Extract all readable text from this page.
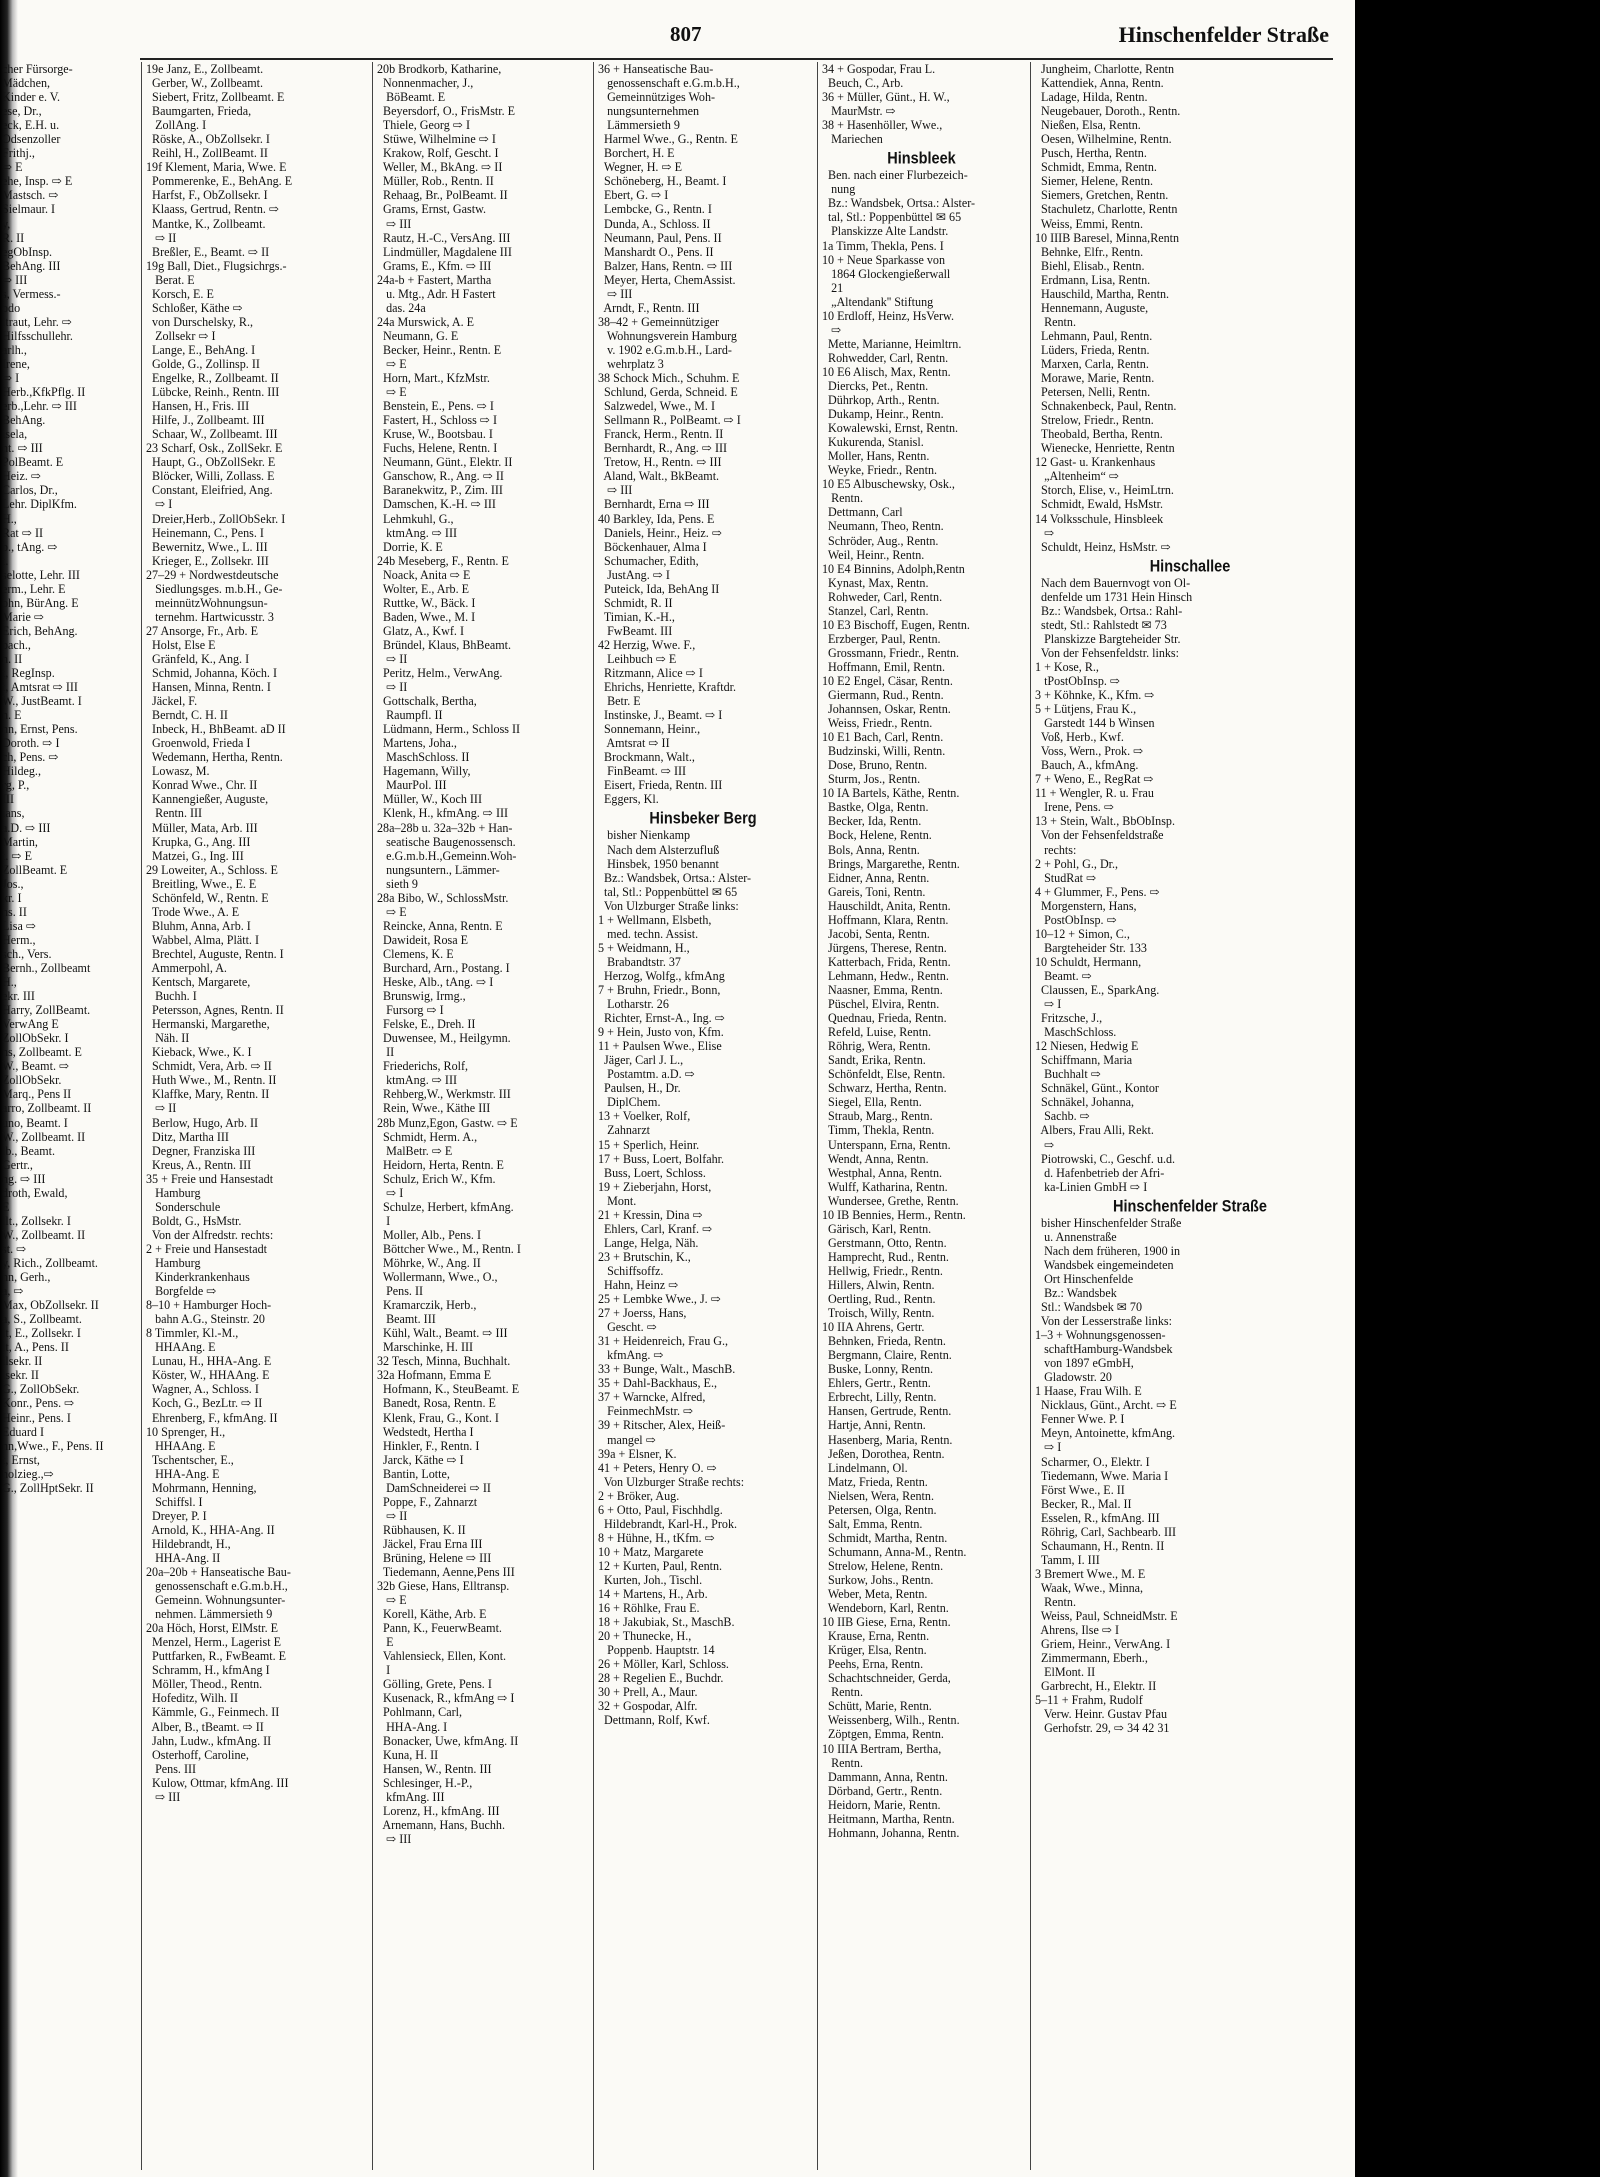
807	Hinschenfelder Straße
cher Fürsorge-
Mädchen,
Kinder e. V.
ese, Dr.,
eck, E.H. u.
Odsenzoller
Frithj.,
⇨ E
ehe, Insp. ⇨ E
Mastsch. ⇨
Sielmaur. I
y,
R. II
egObInsp.
BehAng. III
⇨ III
s, Vermess.-
odo
ltraut, Lehr. ⇨
Hilfsschullehr.
arlh.,
Irene,
⇨ I
Herb.,KfkPflg. II
erb.,Lehr. ⇨ III
BehAng.
isela,
nt. ⇨ III
PolBeamt. E
Heiz. ⇨
Carlos, Dr.,
Lehr. DiplKfm.
H.,
Rat ⇨ II
b., tAng. ⇨
t.
selotte, Lehr. III
erm., Lehr. E
ohn, BürAng. E
Marie ⇨
Erich, BehAng.
bach.,
n. II
t, RegInsp.
t, Amtsrat ⇨ III
W., JustBeamt. I
n. E
nn, Ernst, Pens.
Doroth. ⇨ I
ch, Pens. ⇨
Hildeg.,
rg, P.,
III
ians,
a.D. ⇨ III
Martin,
t. ⇨ E
ZollBeamt. E
Jos.,
kr. I
ns. II
Lisa ⇨
Herm.,
sch., Vers.
Bernh., Zollbeamt
H.,
ekr. III
Harry, ZollBeamt.
VerwAng E
ZollObSekr. I
ns, Zollbeamt. E
W., Beamt. ⇨
ZollObSekr.
Marq., Pens II
arro, Zollbeamt. II
uno, Beamt. I
W., Zollbeamt. II
lb., Beamt.
Gertr.,
ng. ⇨ III
droth, Ewald,
E
llt., Zollsekr. I
W., Zollbeamt. II
st. ⇨
y, Rich., Zollbeamt.
nn, Gerh.,
a, ⇨
Max, ObZollsekr. II
a, S., Zollbeamt.
lt, E., Zollsekr. I
lt, A., Pens. II
ilsekr. II
lsekr. II
G., ZollObSekr.
Konr., Pens. ⇨
Heinr., Pens. I
Eduard I
nn,Wwe., F., Pens. II
t, Ernst,
holzieg.,⇨
G., ZollHptSekr. II
19e Janz, E., Zollbeamt.
Gerber, W., Zollbeamt.
Siebert, Fritz, Zollbeamt. E
Baumgarten, Frieda,
ZollAng. I
Röske, A., ObZollsekr. I
Reihl, H., ZollBeamt. II
19f Klement, Maria, Wwe. E
Pommerenke, E., BehAng. E
Harfst, F., ObZollsekr. I
Klaass, Gertrud, Rentn. ⇨
Mantke, K., Zollbeamt.
⇨ II
Breßler, E., Beamt. ⇨ II
19g Ball, Diet., Flugsichrgs.-
Berat. E
Korsch, E. E
Schloßer, Käthe ⇨
von Durschelsky, R.,
Zollsekr ⇨ I
Lange, E., BehAng. I
Golde, G., Zollinsp. II
Engelke, R., Zollbeamt. II
Lübcke, Reinh., Rentn. III
Hansen, H., Fris. III
Hilfe, J., Zollbeamt. III
Schaar, W., Zollbeamt. III
23 Scharf, Osk., ZollSekr. E
Haupt, G., ObZollSekr. E
Blöcker, Willi, Zollass. E
Constant, Eleifried, Ang.
⇨ I
Dreier,Herb., ZollObSekr. I
Heinemann, C., Pens. I
Bewernitz, Wwe., L. III
Krieger, E., Zollsekr. III
27–29 + Nordwestdeutsche
Siedlungsges. m.b.H., Ge-
meinnützWohnungsun-
ternehm. Hartwicusstr. 3
27 Ansorge, Fr., Arb. E
Holst, Else E
Gränfeld, K., Ang. I
Schmid, Johanna, Köch. I
Hansen, Minna, Rentn. I
Jäckel, F.
Berndt, C. H. II
Inbeck, H., BhBeamt. aD II
Groenwold, Frieda I
Wedemann, Hertha, Rentn.
Lowasz, M.
Konrad Wwe., Chr. II
Kannengießer, Auguste,
Rentn. III
Müller, Mata, Arb. III
Krupka, G., Ang. III
Matzei, G., Ing. III
29 Loweiter, A., Schloss. E
Breitling, Wwe., E. E
Schönfeld, W., Rentn. E
Trode Wwe., A. E
Bluhm, Anna, Arb. I
Wabbel, Alma, Plätt. I
Brechtel, Auguste, Rentn. I
Ammerpohl, A.
Kentsch, Margarete,
Buchh. I
Petersson, Agnes, Rentn. II
Hermanski, Margarethe,
Näh. II
Kieback, Wwe., K. I
Schmidt, Vera, Arb. ⇨ II
Huth Wwe., M., Rentn. II
Klaffke, Mary, Rentn. II
⇨ II
Berlow, Hugo, Arb. II
Ditz, Martha III
Degner, Franziska III
Kreus, A., Rentn. III
35 + Freie und Hansestadt
Hamburg
Sonderschule
Boldt, G., HsMstr.
Von der Alfredstr. rechts:
2 + Freie und Hansestadt
Hamburg
Kinderkrankenhaus
Borgfelde ⇨
8–10 + Hamburger Hoch-
bahn A.G., Steinstr. 20
8 Timmler, Kl.-M.,
HHAAng. E
Lunau, H., HHA-Ang. E
Köster, W., HHAAng. E
Wagner, A., Schloss. I
Koch, G., BezLtr. ⇨ II
Ehrenberg, F., kfmAng. II
10 Sprenger, H.,
HHAAng. E
Tschentscher, E.,
HHA-Ang. E
Mohrmann, Henning,
Schiffsl. I
Dreyer, P. I
Arnold, K., HHA-Ang. II
Hildebrandt, H.,
HHA-Ang. II
20a–20b + Hanseatische Bau-
genossenschaft e.G.m.b.H.,
Gemeinn. Wohnungsunter-
nehmen. Lämmersieth 9
20a Höch, Horst, ElMstr. E
Menzel, Herm., Lagerist E
Puttfarken, R., FwBeamt. E
Schramm, H., kfmAng I
Möller, Theod., Rentn.
Hofeditz, Wilh. II
Kämmle, G., Feinmech. II
Alber, B., tBeamt. ⇨ II
Jahn, Ludw., kfmAng. II
Osterhoff, Caroline,
Pens. III
Kulow, Ottmar, kfmAng. III
⇨ III
20b Brodkorb, Katharine,
Nonnenmacher, J.,
BöBeamt. E
Beyersdorf, O., FrisMstr. E
Thiele, Georg ⇨ I
Stüwe, Wilhelmine ⇨ I
Krakow, Rolf, Gescht. I
Weller, M., BkAng. ⇨ II
Müller, Rob., Rentn. II
Rehaag, Br., PolBeamt. II
Grams, Ernst, Gastw.
⇨ III
Rautz, H.-C., VersAng. III
Lindmüller, Magdalene III
Grams, E., Kfm. ⇨ III
24a-b + Fastert, Martha
u. Mtg., Adr. H Fastert
das. 24a
24a Murswick, A. E
Neumann, G. E
Becker, Heinr., Rentn. E
⇨ E
Horn, Mart., KfzMstr.
⇨ E
Benstein, E., Pens. ⇨ I
Fastert, H., Schloss ⇨ I
Kruse, W., Bootsbau. I
Fuchs, Helene, Rentn. I
Neumann, Günt., Elektr. II
Ganschow, R., Ang. ⇨ II
Baranekwitz, P., Zim. III
Damschen, K.-H. ⇨ III
Lehmkuhl, G.,
ktmAng. ⇨ III
Dorrie, K. E
24b Meseberg, F., Rentn. E
Noack, Anita ⇨ E
Wolter, E., Arb. E
Ruttke, W., Bäck. I
Baden, Wwe., M. I
Glatz, A., Kwf. I
Bründel, Klaus, BhBeamt.
⇨ II
Peritz, Helm., VerwAng.
⇨ II
Gottschalk, Bertha,
Raumpfl. II
Lüdmann, Herm., Schloss II
Martens, Joha.,
MaschSchloss. II
Hagemann, Willy,
MaurPol. III
Müller, W., Koch III
Klenk, H., kfmAng. ⇨ III
28a–28b u. 32a–32b + Han-
seatische Baugenossensch.
e.G.m.b.H.,Gemeinn.Woh-
nungsuntern., Lämmer-
sieth 9
28a Bibo, W., SchlossMstr.
⇨ E
Reincke, Anna, Rentn. E
Dawideit, Rosa E
Clemens, K. E
Burchard, Arn., Postang. I
Heske, Alb., tAng. ⇨ I
Brunswig, Irmg.,
Fursorg ⇨ I
Felske, E., Dreh. II
Duwensee, M., Heilgymn.
II
Friederichs, Rolf,
ktmAng. ⇨ III
Rehberg,W., Werkmstr. III
Rein, Wwe., Käthe III
28b Munz,Egon, Gastw. ⇨ E
Schmidt, Herm. A.,
MalBetr. ⇨ E
Heidorn, Herta, Rentn. E
Schulz, Erich W., Kfm.
⇨ I
Schulze, Herbert, kfmAng.
I
Moller, Alb., Pens. I
Böttcher Wwe., M., Rentn. I
Möhrke, W., Ang. II
Wollermann, Wwe., O.,
Pens. II
Kramarczik, Herb.,
Beamt. III
Kühl, Walt., Beamt. ⇨ III
Marschinke, H. III
32 Tesch, Minna, Buchhalt.
32a Hofmann, Emma E
Hofmann, K., SteuBeamt. E
Banedt, Rosa, Rentn. E
Klenk, Frau, G., Kont. I
Wedstedt, Hertha I
Hinkler, F., Rentn. I
Jarck, Käthe ⇨ I
Bantin, Lotte,
DamSchneiderei ⇨ II
Poppe, F., Zahnarzt
⇨ II
Rübhausen, K. II
Jäckel, Frau Erna III
Brüning, Helene ⇨ III
Tiedemann, Aenne,Pens III
32b Giese, Hans, Elltransp.
⇨ E
Korell, Käthe, Arb. E
Pann, K., FeuerwBeamt.
E
Vahlensieck, Ellen, Kont.
I
Gölling, Grete, Pens. I
Kusenack, R., kfmAng ⇨ I
Pohlmann, Carl,
HHA-Ang. I
Bonacker, Uwe, kfmAng. II
Kuna, H. II
Hansen, W., Rentn. III
Schlesinger, H.-P.,
kfmAng. III
Lorenz, H., kfmAng. III
Arnemann, Hans, Buchh.
⇨ III
36 + Hanseatische Bau-
genossenschaft e.G.m.b.H.,
Gemeinnütziges Woh-
nungsunternehmen
Lämmersieth 9
Harmel Wwe., G., Rentn. E
Borchert, H. E
Wegner, H. ⇨ E
Schöneberg, H., Beamt. I
Ebert, G. ⇨ I
Lembcke, G., Rentn. I
Dunda, A., Schloss. II
Neumann, Paul, Pens. II
Manshardt O., Pens. II
Balzer, Hans, Rentn. ⇨ III
Meyer, Herta, ChemAssist.
⇨ III
Arndt, F., Rentn. III
38–42 + Gemeinnütziger
Wohnungsverein Hamburg
v. 1902 e.G.m.b.H., Lard-
wehrplatz 3
38 Schock Mich., Schuhm. E
Schlund, Gerda, Schneid. E
Salzwedel, Wwe., M. I
Sellmann R., PolBeamt. ⇨ I
Franck, Herm., Rentn. II
Bernhardt, R., Ang. ⇨ III
Tretow, H., Rentn. ⇨ III
Aland, Walt., BkBeamt.
⇨ III
Bernhardt, Erna ⇨ III
40 Barkley, Ida, Pens. E
Daniels, Heinr., Heiz. ⇨
Böckenhauer, Alma I
Schumacher, Edith,
JustAng. ⇨ I
Puteick, Ida, BehAng II
Schmidt, R. II
Timian, K.-H.,
FwBeamt. III
42 Herzig, Wwe. F.,
Leihbuch ⇨ E
Ritzmann, Alice ⇨ I
Ehrichs, Henriette, Kraftdr.
Betr. E
Instinske, J., Beamt. ⇨ I
Sonnemann, Heinr.,
Amtsrat ⇨ II
Brockmann, Walt.,
FinBeamt. ⇨ III
Eisert, Frieda, Rentn. III
Eggers, Kl.
Hinsbeker Berg
bisher Nienkamp
Nach dem Alsterzufluß
Hinsbek, 1950 benannt
Bz.: Wandsbek, Ortsa.: Alster-
tal, Stl.: Poppenbüttel ✉ 65
Von Ulzburger Straße links:
1 + Wellmann, Elsbeth,
med. techn. Assist.
5 + Weidmann, H.,
Brabandtstr. 37
Herzog, Wolfg., kfmAng
7 + Bruhn, Friedr., Bonn,
Lotharstr. 26
Richter, Ernst-A., Ing. ⇨
9 + Hein, Justo von, Kfm.
11 + Paulsen Wwe., Elise
Jäger, Carl J. L.,
Postamtm. a.D. ⇨
Paulsen, H., Dr.
DiplChem.
13 + Voelker, Rolf,
Zahnarzt
15 + Sperlich, Heinr.
17 + Buss, Loert, Bolfahr.
Buss, Loert, Schloss.
19 + Zieberjahn, Horst,
Mont.
21 + Kressin, Dina ⇨
Ehlers, Carl, Kranf. ⇨
Lange, Helga, Näh.
23 + Brutschin, K.,
Schiffsoffz.
Hahn, Heinz ⇨
25 + Lembke Wwe., J. ⇨
27 + Joerss, Hans,
Gescht. ⇨
31 + Heidenreich, Frau G.,
kfmAng. ⇨
33 + Bunge, Walt., MaschB.
35 + Dahl-Backhaus, E.,
37 + Warncke, Alfred,
FeinmechMstr. ⇨
39 + Ritscher, Alex, Heiß-
mangel ⇨
39a + Elsner, K.
41 + Peters, Henry O. ⇨
Von Ulzburger Straße rechts:
2 + Bröker, Aug.
6 + Otto, Paul, Fischhdlg.
Hildebrandt, Karl-H., Prok.
8 + Hühne, H., tKfm. ⇨
10 + Matz, Margarete
12 + Kurten, Paul, Rentn.
Kurten, Joh., Tischl.
14 + Martens, H., Arb.
16 + Röhlke, Frau E.
18 + Jakubiak, St., MaschB.
20 + Thunecke, H.,
Poppenb. Hauptstr. 14
26 + Möller, Karl, Schloss.
28 + Regelien E., Buchdr.
30 + Prell, A., Maur.
32 + Gospodar, Alfr.
Dettmann, Rolf, Kwf.
34 + Gospodar, Frau L.
Beuch, C., Arb.
36 + Müller, Günt., H. W.,
MaurMstr. ⇨
38 + Hasenhöller, Wwe.,
Mariechen
Hinsbleek
Ben. nach einer Flurbezeich-
nung
Bz.: Wandsbek, Ortsa.: Alster-
tal, Stl.: Poppenbüttel ✉ 65
Planskizze Alte Landstr.
1a Timm, Thekla, Pens. I
10 + Neue Sparkasse von
1864 Glockengießerwall
21
„Altendank'' Stiftung
10 Erdloff, Heinz, HsVerw.
⇨
Mette, Marianne, Heimltrn.
Rohwedder, Carl, Rentn.
10 E6 Alisch, Max, Rentn.
Diercks, Pet., Rentn.
Dührkop, Arth., Rentn.
Dukamp, Heinr., Rentn.
Kowalewski, Ernst, Rentn.
Kukurenda, Stanisl.
Moller, Hans, Rentn.
Weyke, Friedr., Rentn.
10 E5 Albuschewsky, Osk.,
Rentn.
Dettmann, Carl
Neumann, Theo, Rentn.
Schröder, Aug., Rentn.
Weil, Heinr., Rentn.
10 E4 Binnins, Adolph,Rentn
Kynast, Max, Rentn.
Rohweder, Carl, Rentn.
Stanzel, Carl, Rentn.
10 E3 Bischoff, Eugen, Rentn.
Erzberger, Paul, Rentn.
Grossmann, Friedr., Rentn.
Hoffmann, Emil, Rentn.
10 E2 Engel, Cäsar, Rentn.
Giermann, Rud., Rentn.
Johannsen, Oskar, Rentn.
Weiss, Friedr., Rentn.
10 E1 Bach, Carl, Rentn.
Budzinski, Willi, Rentn.
Dose, Bruno, Rentn.
Sturm, Jos., Rentn.
10 IA Bartels, Käthe, Rentn.
Bastke, Olga, Rentn.
Becker, Ida, Rentn.
Bock, Helene, Rentn.
Bols, Anna, Rentn.
Brings, Margarethe, Rentn.
Eidner, Anna, Rentn.
Gareis, Toni, Rentn.
Hauschildt, Anita, Rentn.
Hoffmann, Klara, Rentn.
Jacobi, Senta, Rentn.
Jürgens, Therese, Rentn.
Katterbach, Frida, Rentn.
Lehmann, Hedw., Rentn.
Naasner, Emma, Rentn.
Püschel, Elvira, Rentn.
Quednau, Frieda, Rentn.
Refeld, Luise, Rentn.
Röhrig, Wera, Rentn.
Sandt, Erika, Rentn.
Schönfeldt, Else, Rentn.
Schwarz, Hertha, Rentn.
Siegel, Ella, Rentn.
Straub, Marg., Rentn.
Timm, Thekla, Rentn.
Unterspann, Erna, Rentn.
Wendt, Anna, Rentn.
Westphal, Anna, Rentn.
Wulff, Katharina, Rentn.
Wundersee, Grethe, Rentn.
10 IB Bennies, Herm., Rentn.
Gärisch, Karl, Rentn.
Gerstmann, Otto, Rentn.
Hamprecht, Rud., Rentn.
Hellwig, Friedr., Rentn.
Hillers, Alwin, Rentn.
Oertling, Rud., Rentn.
Troisch, Willy, Rentn.
10 IIA Ahrens, Gertr.
Behnken, Frieda, Rentn.
Bergmann, Claire, Rentn.
Buske, Lonny, Rentn.
Ehlers, Gertr., Rentn.
Erbrecht, Lilly, Rentn.
Hansen, Gertrude, Rentn.
Hartje, Anni, Rentn.
Hasenberg, Maria, Rentn.
Jeßen, Dorothea, Rentn.
Lindelmann, Ol.
Matz, Frieda, Rentn.
Nielsen, Wera, Rentn.
Petersen, Olga, Rentn.
Salt, Emma, Rentn.
Schmidt, Martha, Rentn.
Schumann, Anna-M., Rentn.
Strelow, Helene, Rentn.
Surkow, Johs., Rentn.
Weber, Meta, Rentn.
Wendeborn, Karl, Rentn.
10 IIB Giese, Erna, Rentn.
Krause, Erna, Rentn.
Krüger, Elsa, Rentn.
Peehs, Erna, Rentn.
Schachtschneider, Gerda,
Rentn.
Schütt, Marie, Rentn.
Weissenberg, Wilh., Rentn.
Zöptgen, Emma, Rentn.
10 IIIA Bertram, Bertha,
Rentn.
Dammann, Anna, Rentn.
Dörband, Gertr., Rentn.
Heidorn, Marie, Rentn.
Heitmann, Martha, Rentn.
Hohmann, Johanna, Rentn.
Jungheim, Charlotte, Rentn
Kattendiek, Anna, Rentn.
Ladage, Hilda, Rentn.
Neugebauer, Doroth., Rentn.
Nießen, Elsa, Rentn.
Oesen, Wilhelmine, Rentn.
Pusch, Hertha, Rentn.
Schmidt, Emma, Rentn.
Siemer, Helene, Rentn.
Siemers, Gretchen, Rentn.
Stachuletz, Charlotte, Rentn
Weiss, Emmi, Rentn.
10 IIIB Baresel, Minna,Rentn
Behnke, Elfr., Rentn.
Biehl, Elisab., Rentn.
Erdmann, Lisa, Rentn.
Hauschild, Martha, Rentn.
Hennemann, Auguste,
Rentn.
Lehmann, Paul, Rentn.
Lüders, Frieda, Rentn.
Marxen, Carla, Rentn.
Morawe, Marie, Rentn.
Petersen, Nelli, Rentn.
Schnakenbeck, Paul, Rentn.
Strelow, Friedr., Rentn.
Theobald, Bertha, Rentn.
Wienecke, Henriette, Rentn
12 Gast- u. Krankenhaus
„Altenheim“ ⇨
Storch, Elise, v., HeimLtrn.
Schmidt, Ewald, HsMstr.
14 Volksschule, Hinsbleek
⇨
Schuldt, Heinz, HsMstr. ⇨
Hinschallee
Nach dem Bauernvogt von Ol-
denfelde um 1731 Hein Hinsch
Bz.: Wandsbek, Ortsa.: Rahl-
stedt, Stl.: Rahlstedt ✉ 73
Planskizze Bargteheider Str.
Von der Fehsenfeldstr. links:
1 + Kose, R.,
tPostObInsp. ⇨
3 + Köhnke, K., Kfm. ⇨
5 + Lütjens, Frau K.,
Garstedt 144 b Winsen
Voß, Herb., Kwf.
Voss, Wern., Prok. ⇨
Bauch, A., kfmAng.
7 + Weno, E., RegRat ⇨
11 + Wengler, R. u. Frau
Irene, Pens. ⇨
13 + Stein, Walt., BbObInsp.
Von der Fehsenfeldstraße
rechts:
2 + Pohl, G., Dr.,
StudRat ⇨
4 + Glummer, F., Pens. ⇨
Morgenstern, Hans,
PostObInsp. ⇨
10–12 + Simon, C.,
Bargteheider Str. 133
10 Schuldt, Hermann,
Beamt. ⇨
Claussen, E., SparkAng.
⇨ I
Fritzsche, J.,
MaschSchloss.
12 Niesen, Hedwig E
Schiffmann, Maria
Buchhalt ⇨
Schnäkel, Günt., Kontor
Schnäkel, Johanna,
Sachb. ⇨
Albers, Frau Alli, Rekt.
⇨
Piotrowski, C., Geschf. u.d.
d. Hafenbetrieb der Afri-
ka-Linien GmbH ⇨ I
Hinschenfelder Straße
bisher Hinschenfelder Straße
u. Annenstraße
Nach dem früheren, 1900 in
Wandsbek eingemeindeten
Ort Hinschenfelde
Bz.: Wandsbek
Stl.: Wandsbek ✉ 70
Von der Lesserstraße links:
1–3 + Wohnungsgenossen-
schaftHamburg-Wandsbek
von 1897 eGmbH,
Gladowstr. 20
1 Haase, Frau Wilh. E
Nicklaus, Günt., Archt. ⇨ E
Fenner Wwe. P. I
Meyn, Antoinette, kfmAng.
⇨ I
Scharmer, O., Elektr. I
Tiedemann, Wwe. Maria I
Först Wwe., E. II
Becker, R., Mal. II
Esselen, R., kfmAng. III
Röhrig, Carl, Sachbearb. III
Schaumann, H., Rentn. II
Tamm, I. III
3 Bremert Wwe., M. E
Waak, Wwe., Minna,
Rentn.
Weiss, Paul, SchneidMstr. E
Ahrens, Ilse ⇨ I
Griem, Heinr., VerwAng. I
Zimmermann, Eberh.,
ElMont. II
Garbrecht, H., Elektr. II
5–11 + Frahm, Rudolf
Verw. Heinr. Gustav Pfau
Gerhofstr. 29, ⇨ 34 42 31
